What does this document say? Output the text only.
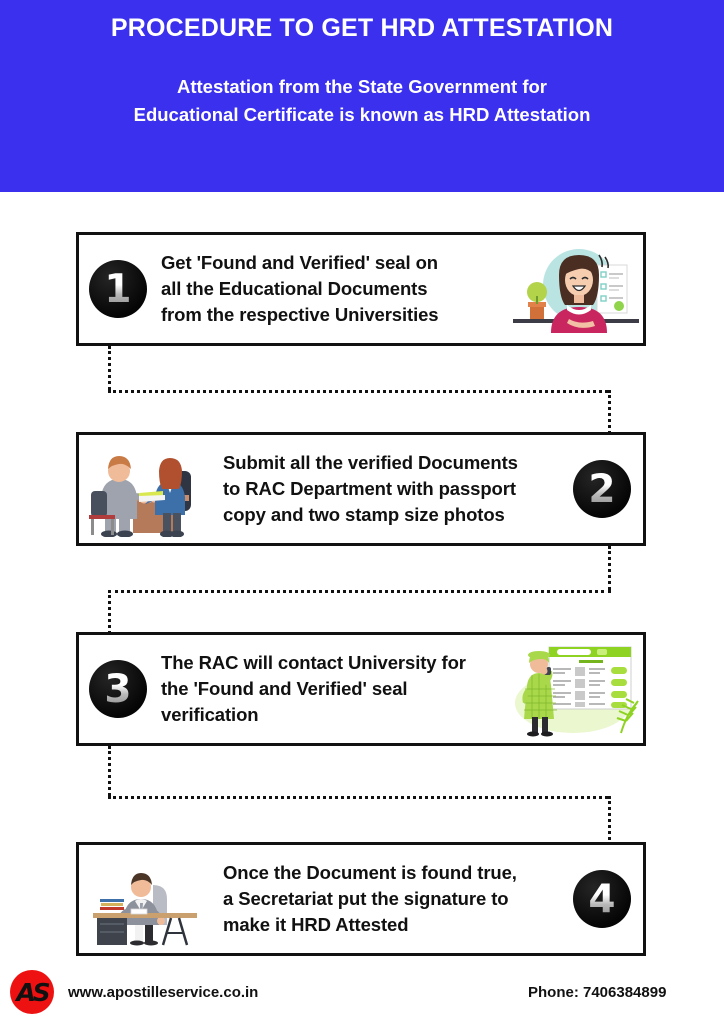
PROCEDURE TO GET HRD ATTESTATION
Attestation from the State Government for
Educational Certificate is known as HRD Attestation
1
Get 'Found and Verified' seal on
all the Educational Documents
from the respective Universities
Submit all the verified Documents
to RAC Department with passport
copy and two stamp size photos
2
3
The RAC will contact University for
the 'Found and Verified' seal
verification
Once the Document is found true,
a Secretariat put the signature to
make it HRD Attested
4
AS www.apostilleservice.co.in	Phone: 7406384899
